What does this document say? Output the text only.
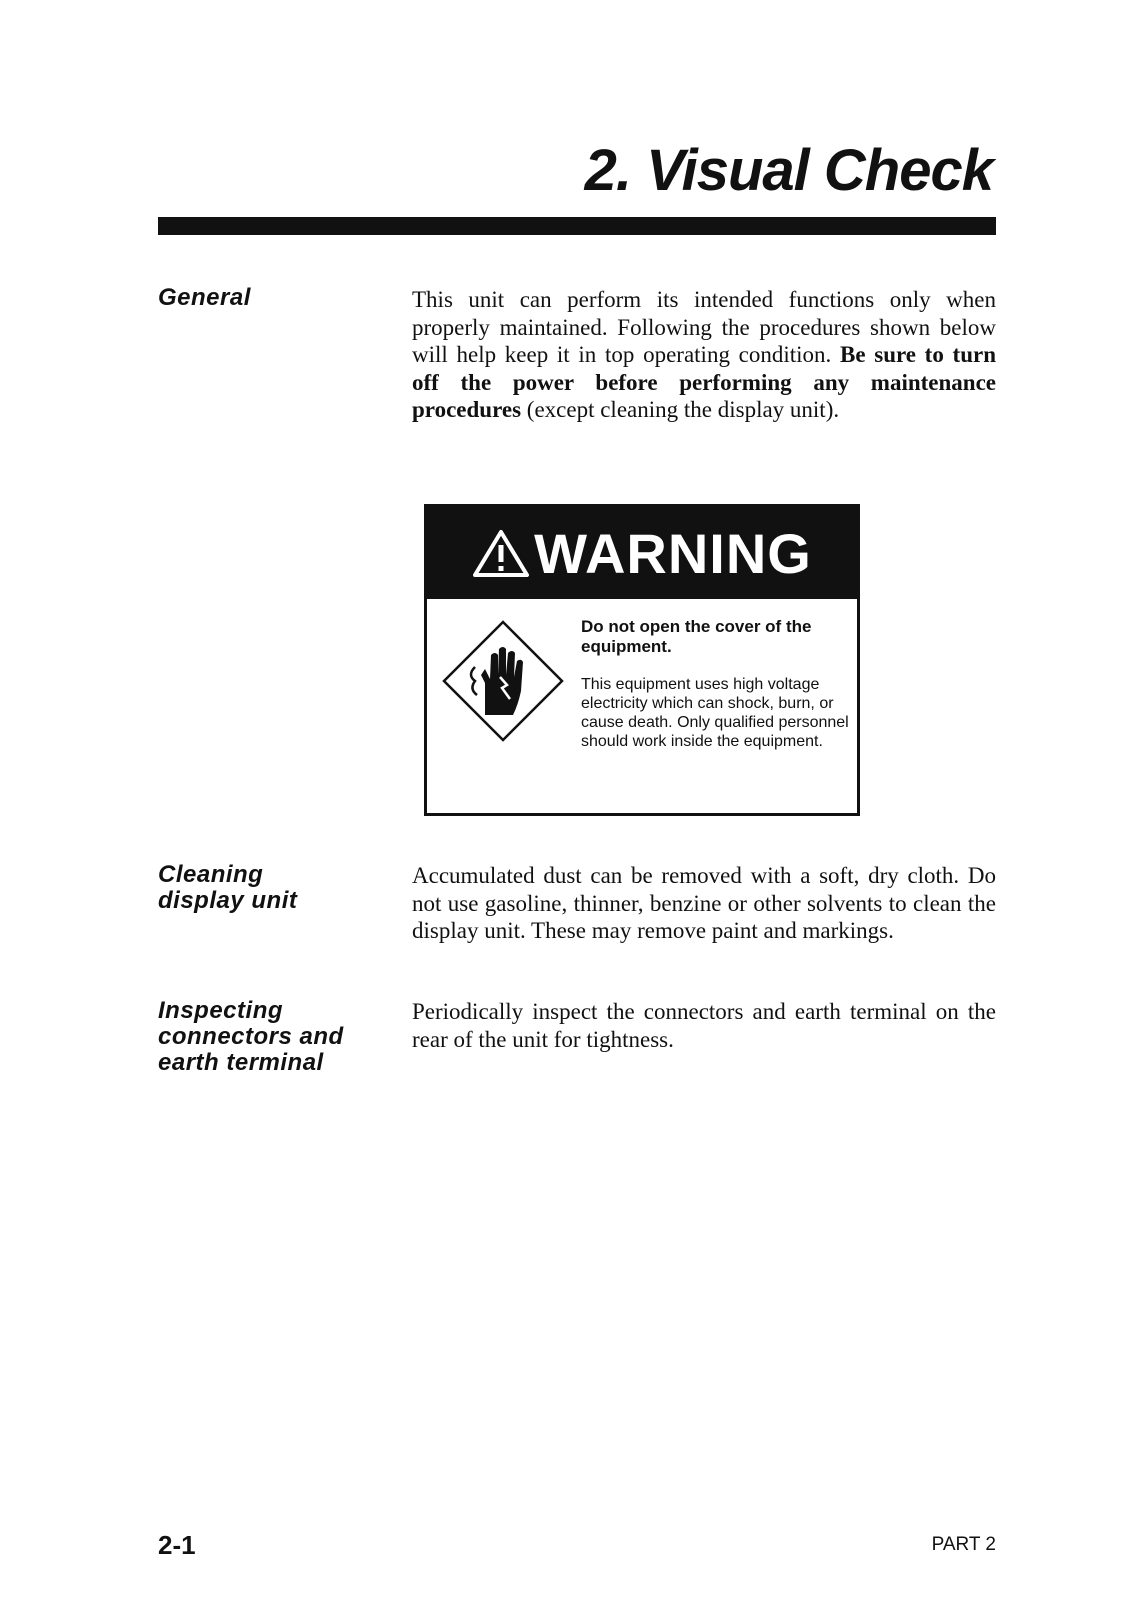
2. Visual Check
General	This unit can perform its intended functions only when properly maintained. Following the procedures shown below will help keep it in top operating condition. Be sure to turn off the power before performing any maintenance procedures (except cleaning the display unit).

WARNING

Do not open the cover of the equipment.

This equipment uses high voltage electricity which can shock, burn, or cause death. Only qualified personnel should work inside the equipment.

Cleaning
display unit

Accumulated dust can be removed with a soft, dry cloth. Do not use gasoline, thinner, benzine or other solvents to clean the display unit. These may remove paint and markings.

Inspecting
connectors and
earth terminal

Periodically inspect the connectors and earth terminal on the rear of the unit for tightness.

2-1	PART 2
